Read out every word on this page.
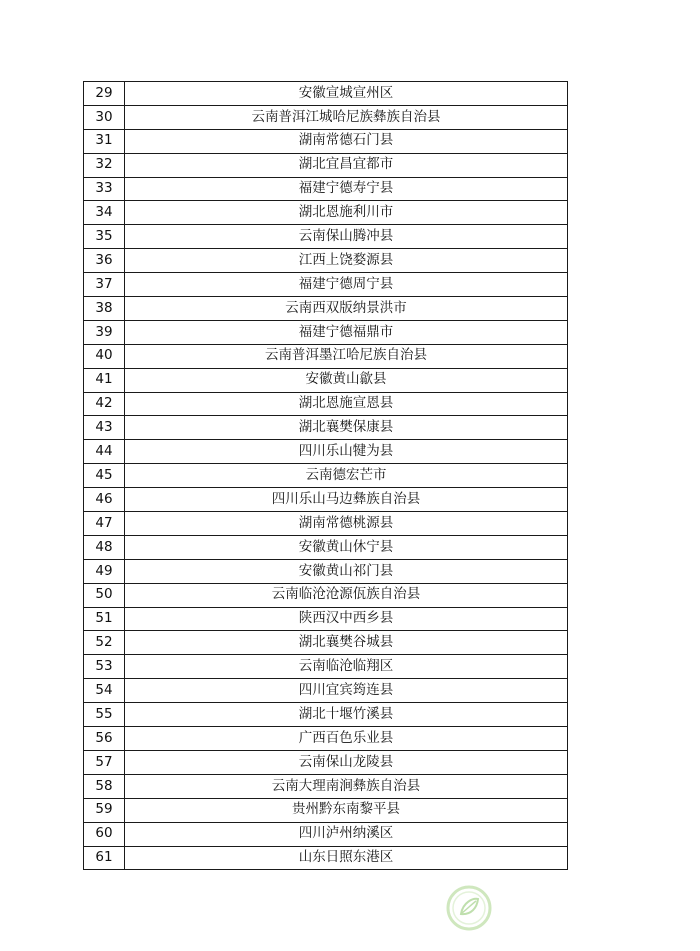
29	安徽宣城宣州区
30	云南普洱江城哈尼族彝族自治县
31	湖南常德石门县
32	湖北宜昌宜都市
33	福建宁德寿宁县
34	湖北恩施利川市
35	云南保山腾冲县
36	江西上饶婺源县
37	福建宁德周宁县
38	云南西双版纳景洪市
39	福建宁德福鼎市
40	云南普洱墨江哈尼族自治县
41	安徽黄山歙县
42	湖北恩施宣恩县
43	湖北襄樊保康县
44	四川乐山犍为县
45	云南德宏芒市
46	四川乐山马边彝族自治县
47	湖南常德桃源县
48	安徽黄山休宁县
49	安徽黄山祁门县
50	云南临沧沧源佤族自治县
51	陕西汉中西乡县
52	湖北襄樊谷城县
53	云南临沧临翔区
54	四川宜宾筠连县
55	湖北十堰竹溪县
56	广西百色乐业县
57	云南保山龙陵县
58	云南大理南涧彝族自治县
59	贵州黔东南黎平县
60	四川泸州纳溪区
61	山东日照东港区
